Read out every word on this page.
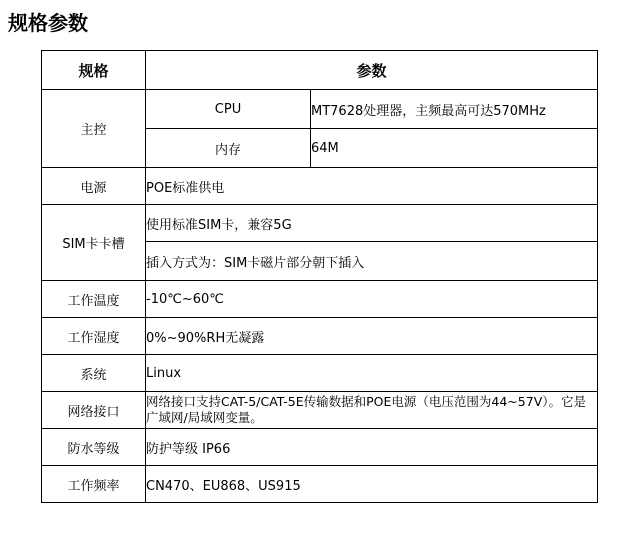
规格参数
规格	参数	
主控	CPU	MT7628处理器，主频最高可达570MHz
	内存	64M
电源	POE标准供电	
SIM卡卡槽	使用标准SIM卡，兼容5G	
	插入方式为：SIM卡磁片部分朝下插入	
工作温度	-10℃~60℃	
工作湿度	0%~90%RH无凝露	
系统	Linux	
网络接口	网络接口支持CAT-5/CAT-5E传输数据和POE电源（电压范围为44~57V）。它是广域网/局域网变量。	
防水等级	防护等级 IP66	
工作频率	CN470、EU868、US915	
